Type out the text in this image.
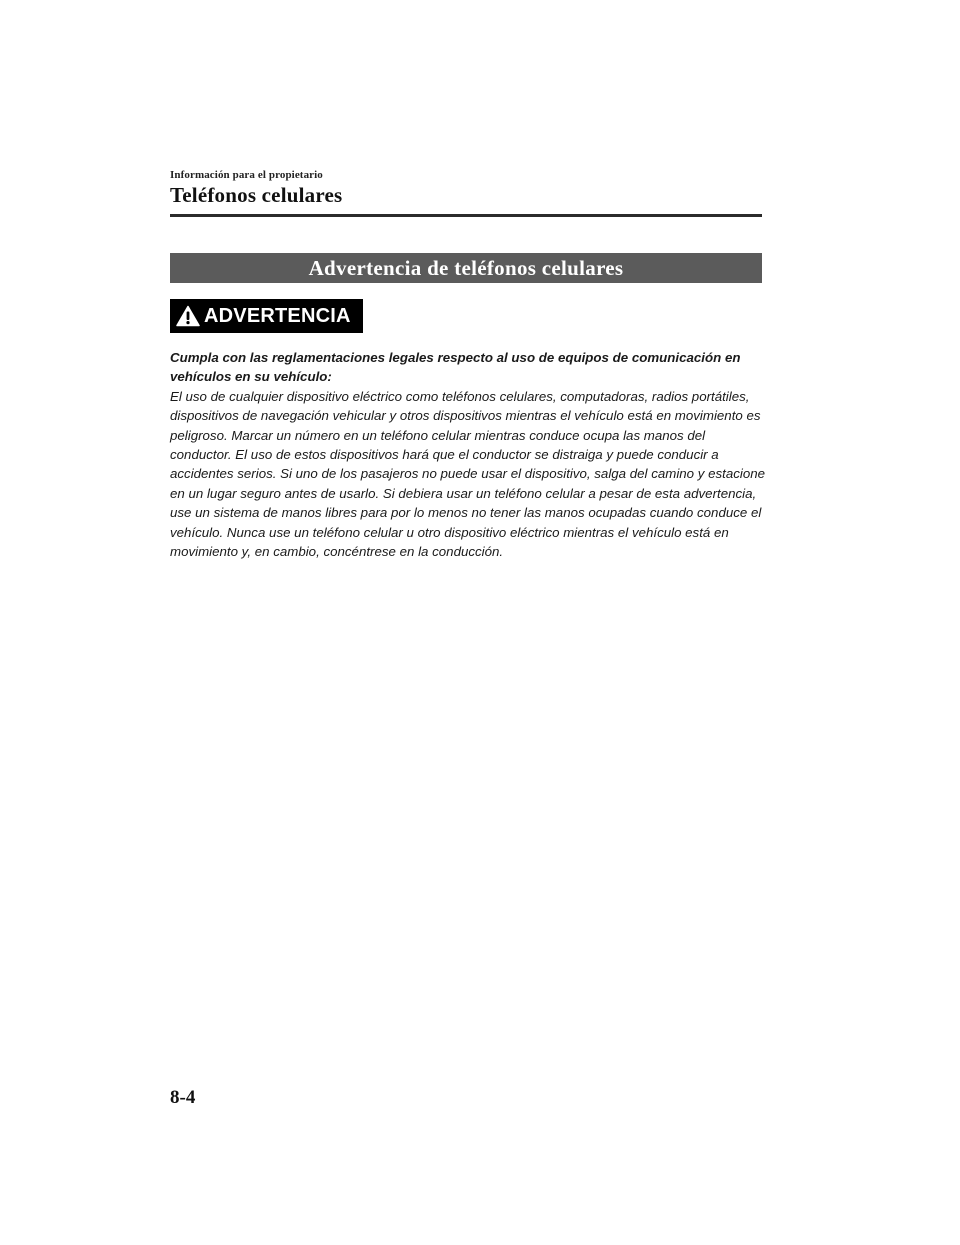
Información para el propietario
Teléfonos celulares
Advertencia de teléfonos celulares
ADVERTENCIA
Cumpla con las reglamentaciones legales respecto al uso de equipos de comunicación en vehículos en su vehículo:
El uso de cualquier dispositivo eléctrico como teléfonos celulares, computadoras, radios portátiles, dispositivos de navegación vehicular y otros dispositivos mientras el vehículo está en movimiento es peligroso. Marcar un número en un teléfono celular mientras conduce ocupa las manos del conductor. El uso de estos dispositivos hará que el conductor se distraiga y puede conducir a accidentes serios. Si uno de los pasajeros no puede usar el dispositivo, salga del camino y estacione en un lugar seguro antes de usarlo. Si debiera usar un teléfono celular a pesar de esta advertencia, use un sistema de manos libres para por lo menos no tener las manos ocupadas cuando conduce el vehículo. Nunca use un teléfono celular u otro dispositivo eléctrico mientras el vehículo está en movimiento y, en cambio, concéntrese en la conducción.
8-4
